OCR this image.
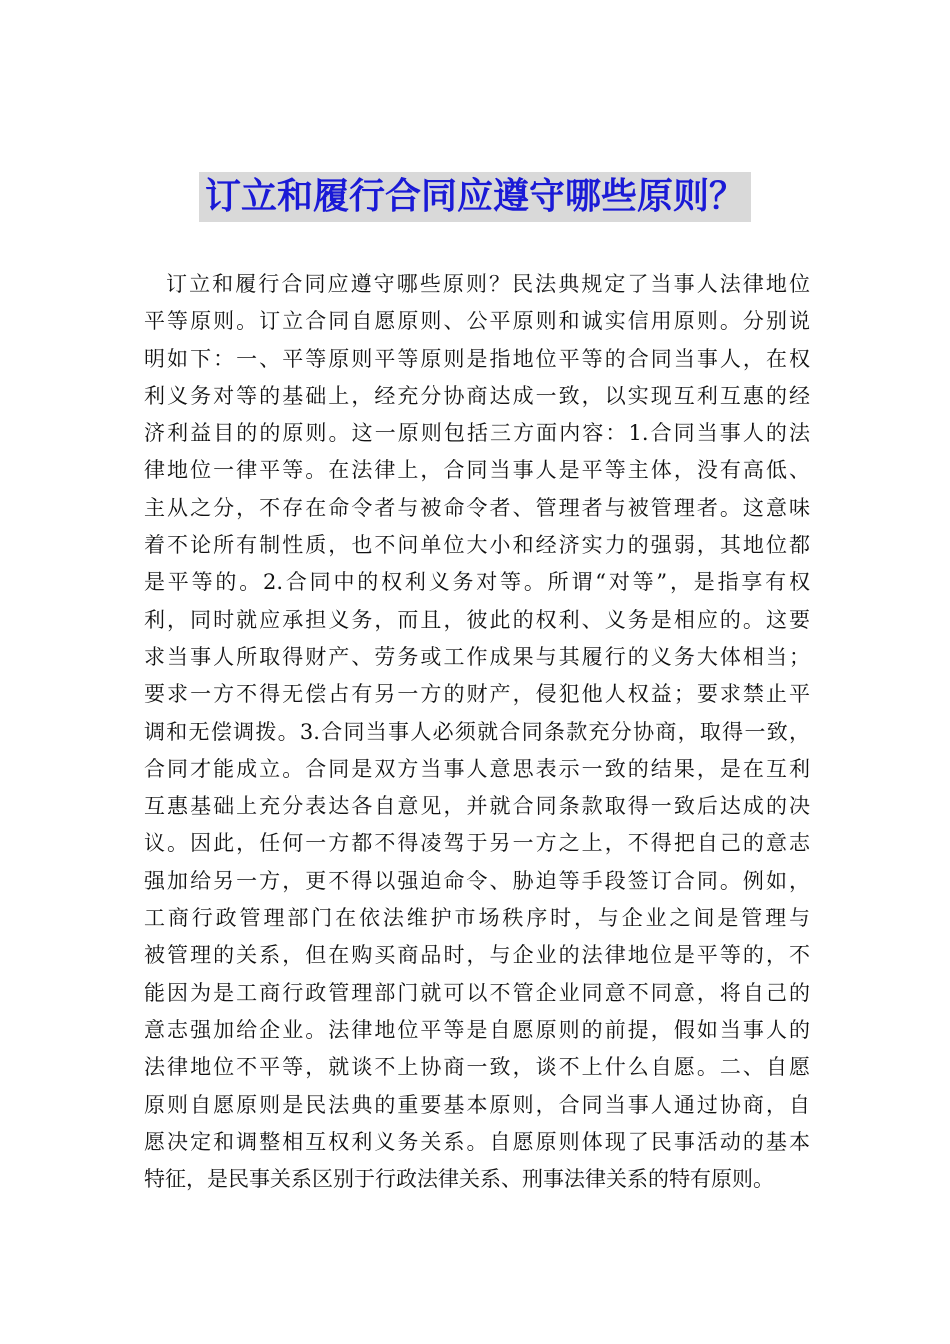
订立和履行合同应遵守哪些原则？
订立和履行合同应遵守哪些原则？民法典规定了当事人法律地位
平等原则。订立合同自愿原则、公平原则和诚实信用原则。分别说
明如下：一、平等原则平等原则是指地位平等的合同当事人，在权
利义务对等的基础上，经充分协商达成一致，以实现互利互惠的经
济利益目的的原则。这一原则包括三方面内容：1.合同当事人的法
律地位一律平等。在法律上，合同当事人是平等主体，没有高低、
主从之分，不存在命令者与被命令者、管理者与被管理者。这意味
着不论所有制性质，也不问单位大小和经济实力的强弱，其地位都
是平等的。2.合同中的权利义务对等。所谓“对等”，是指享有权
利，同时就应承担义务，而且，彼此的权利、义务是相应的。这要
求当事人所取得财产、劳务或工作成果与其履行的义务大体相当；
要求一方不得无偿占有另一方的财产，侵犯他人权益；要求禁止平
调和无偿调拨。3.合同当事人必须就合同条款充分协商，取得一致，
合同才能成立。合同是双方当事人意思表示一致的结果，是在互利
互惠基础上充分表达各自意见，并就合同条款取得一致后达成的决
议。因此，任何一方都不得凌驾于另一方之上，不得把自己的意志
强加给另一方，更不得以强迫命令、胁迫等手段签订合同。例如，
工商行政管理部门在依法维护市场秩序时，与企业之间是管理与
被管理的关系，但在购买商品时，与企业的法律地位是平等的，不
能因为是工商行政管理部门就可以不管企业同意不同意，将自己的
意志强加给企业。法律地位平等是自愿原则的前提，假如当事人的
法律地位不平等，就谈不上协商一致，谈不上什么自愿。二、自愿
原则自愿原则是民法典的重要基本原则，合同当事人通过协商，自
愿决定和调整相互权利义务关系。自愿原则体现了民事活动的基本
特征，是民事关系区别于行政法律关系、刑事法律关系的特有原则。
